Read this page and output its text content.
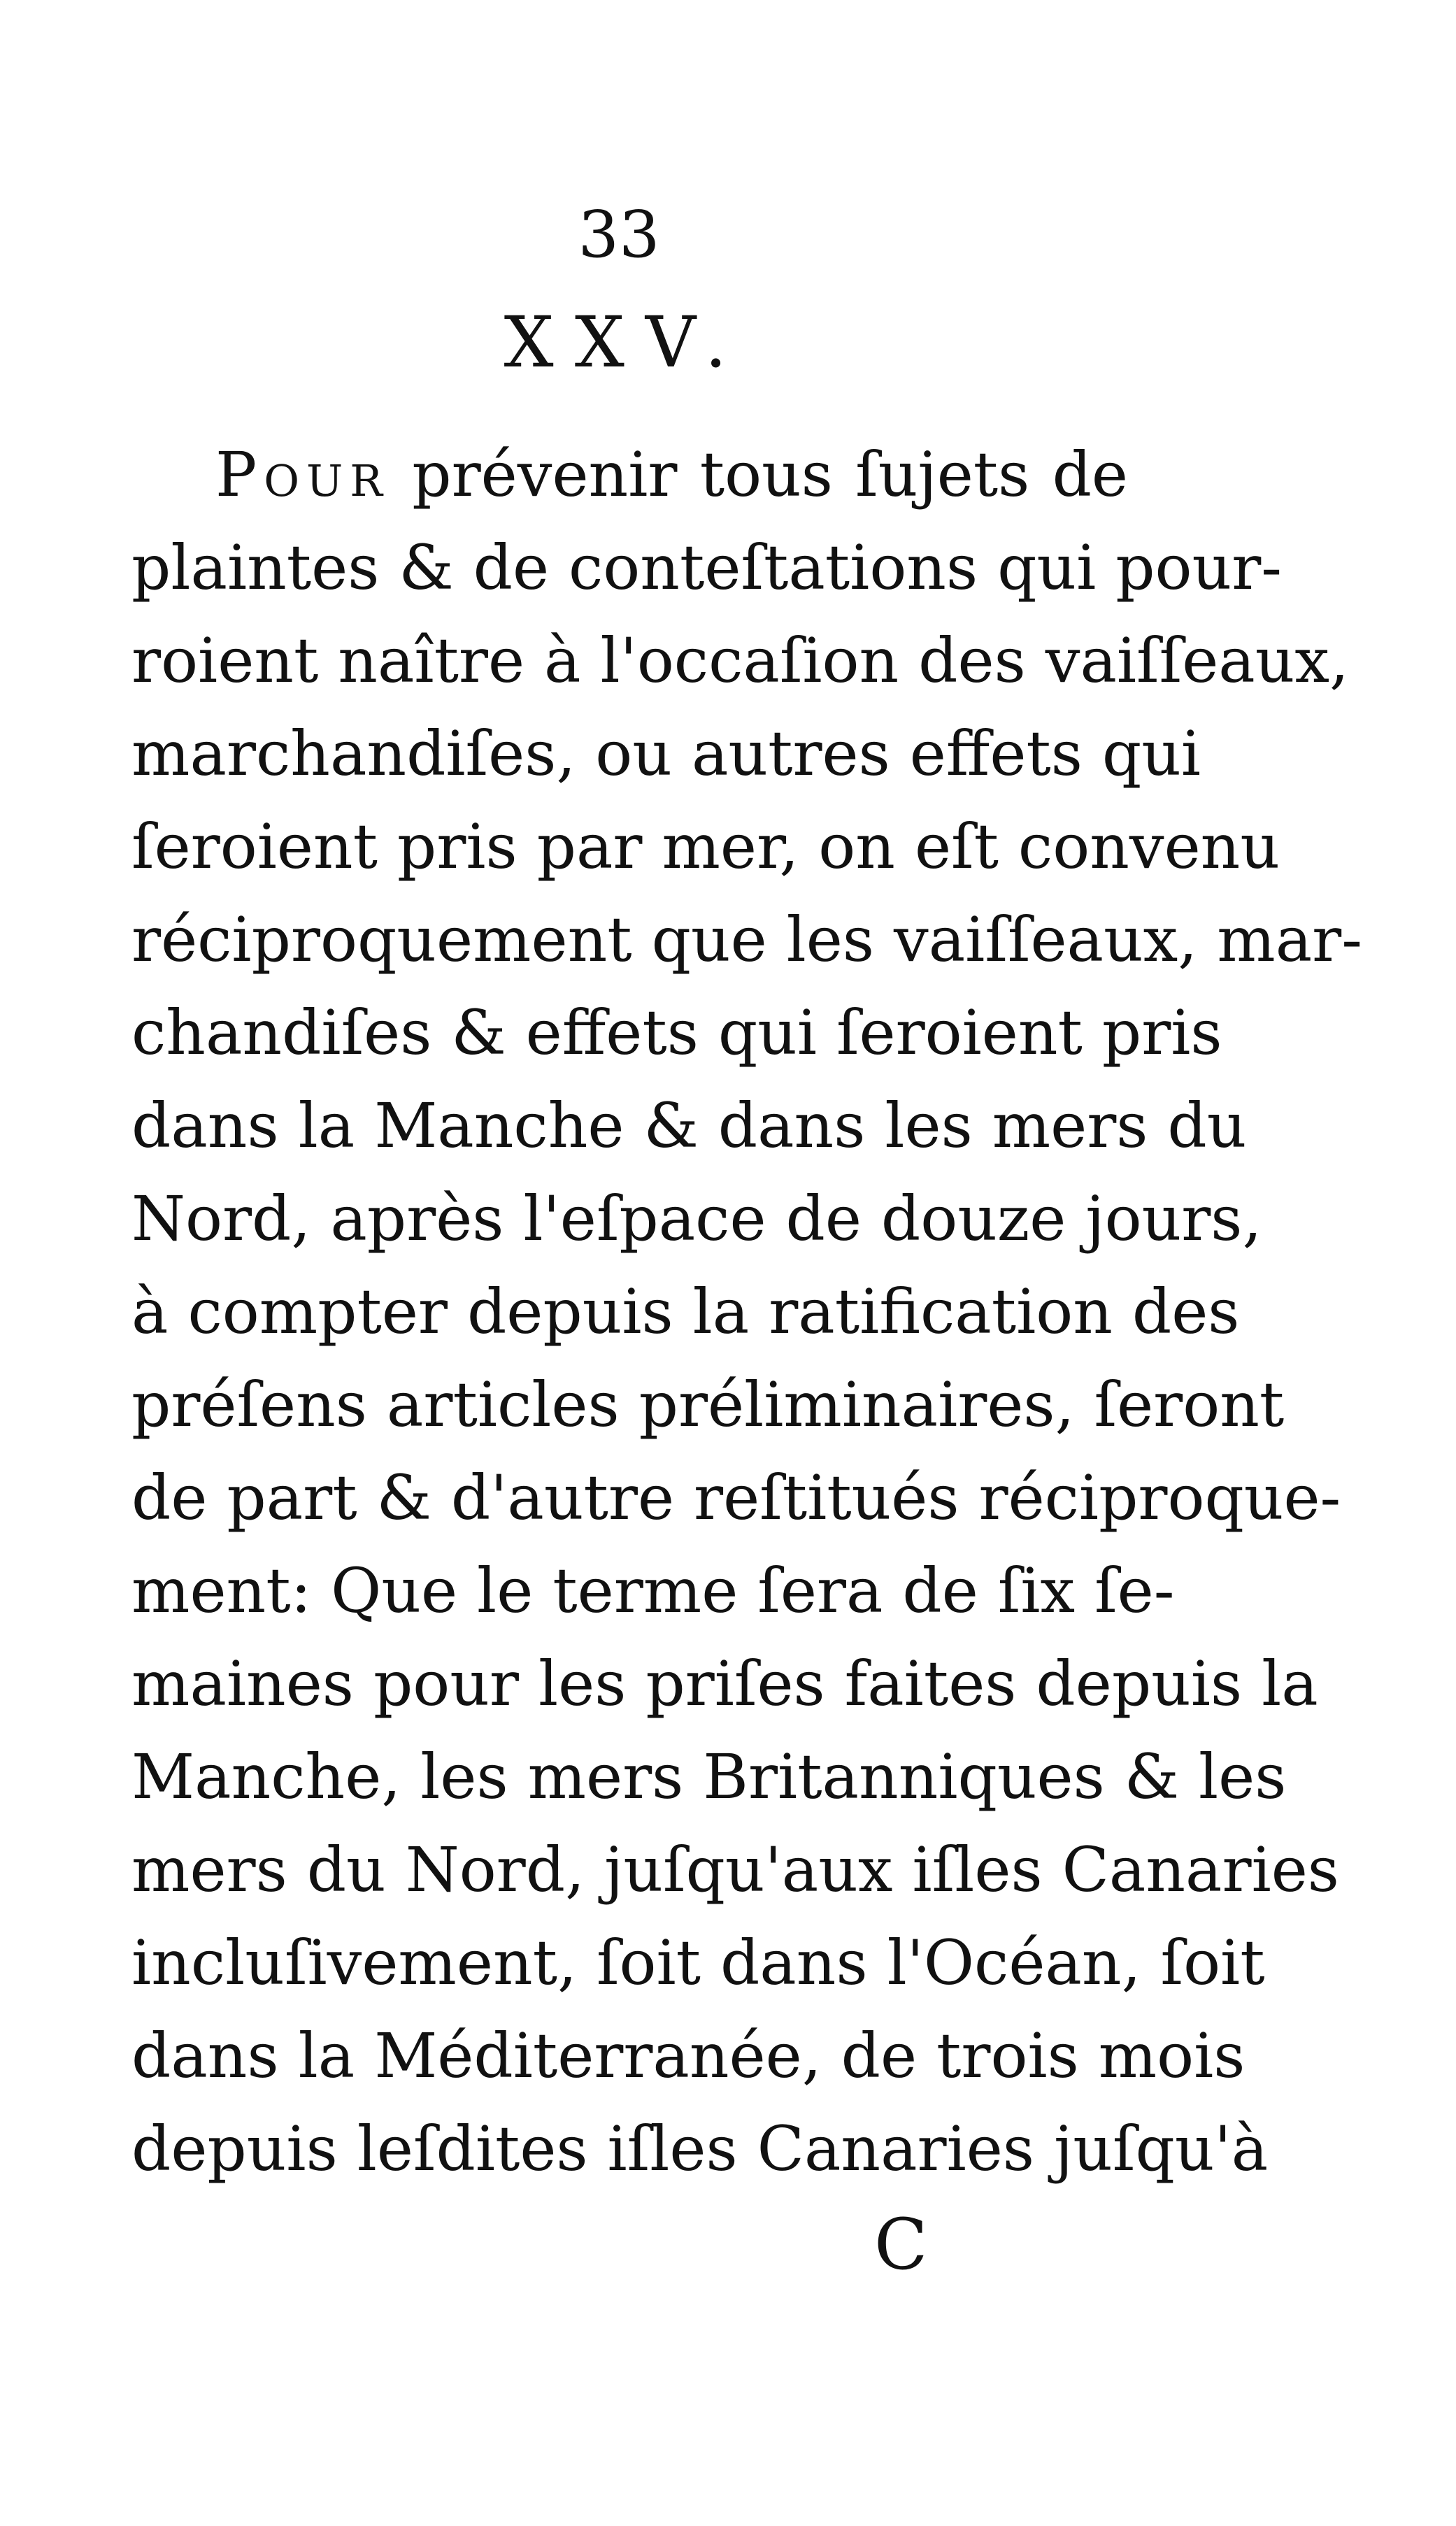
33
XXV.
Pour prévenir tous ſujets de
plaintes & de conteſtations qui pour-
roient naître à l'occaſion des vaiſſeaux,
marchandiſes, ou autres effets qui
ſeroient pris par mer, on eſt convenu
réciproquement que les vaiſſeaux, mar-
chandiſes & effets qui ſeroient pris
dans la Manche & dans les mers du
Nord, après l'eſpace de douze jours,
à compter depuis la ratification des
préſens articles préliminaires, ſeront
de part & d'autre reſtitués réciproque-
ment: Que le terme ſera de ſix ſe-
maines pour les priſes faites depuis la
Manche, les mers Britanniques & les
mers du Nord, juſqu'aux iſles Canaries
incluſivement, ſoit dans l'Océan, ſoit
dans la Méditerranée, de trois mois
depuis leſdites iſles Canaries juſqu'à
C
